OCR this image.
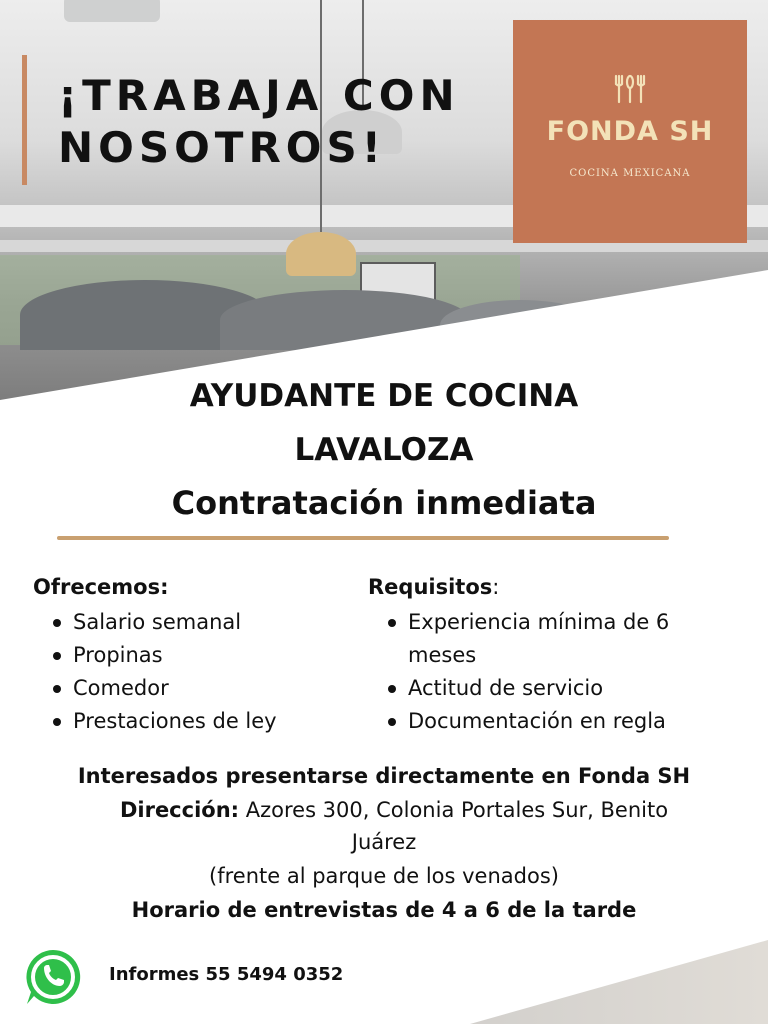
¡TRABAJA CON
NOSOTROS!	FONDA SH
COCINA MEXICANA
AYUDANTE DE COCINA
LAVALOZA
Contratación inmediata
Ofrecemos:
Salario semanal
Propinas
Comedor
Prestaciones de ley
Requisitos:
Experiencia mínima de 6
meses
Actitud de servicio
Documentación en regla
Interesados presentarse directamente en Fonda SH
Dirección: Azores 300, Colonia Portales Sur, Benito
Juárez
(frente al parque de los venados)
Horario de entrevistas de 4 a 6 de la tarde
Informes 55 5494 0352
